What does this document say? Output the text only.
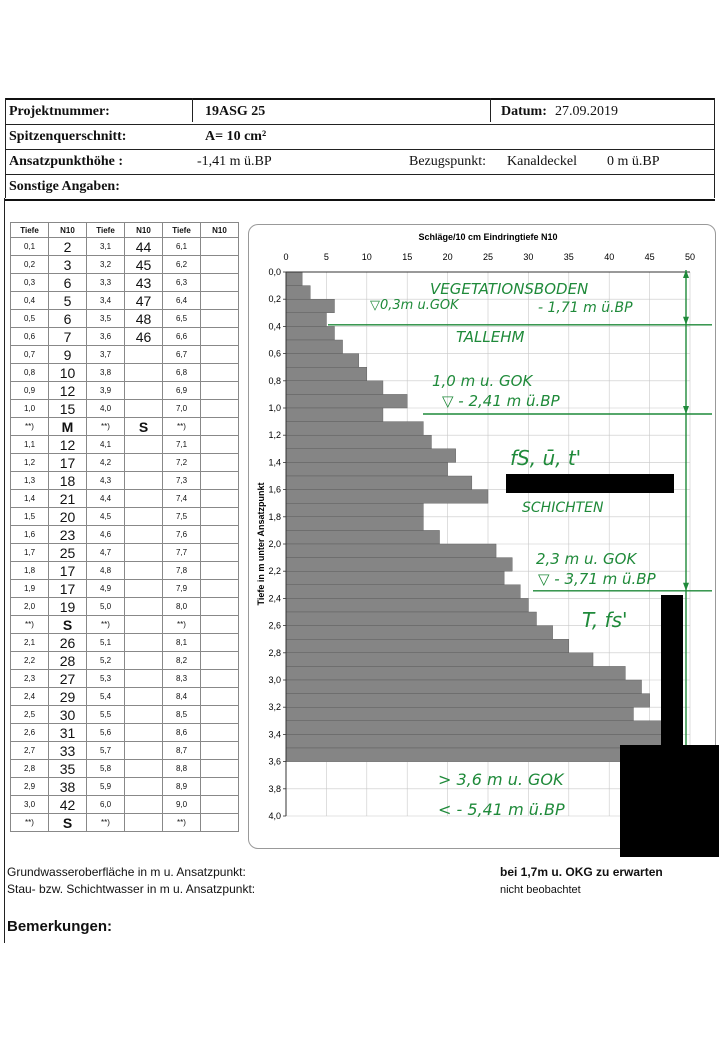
Projektnummer:	19ASG 25	Datum: 27.09.2019
Spitzenquerschnitt:	A= 10 cm²
Ansatzpunkthöhe :	-1,41 m ü.BP	Bezugspunkt: Kanaldeckel 0 m ü.BP
Sonstige Angaben:
Tiefe	N10	Tiefe	N10	Tiefe	N10
0,1	2	3,1	44	6,1	
0,2	3	3,2	45	6,2	
0,3	6	3,3	43	6,3	
0,4	5	3,4	47	6,4	
0,5	6	3,5	48	6,5	
0,6	7	3,6	46	6,6	
0,7	9	3,7		6,7	
0,8	10	3,8		6,8	
0,9	12	3,9		6,9	
1,0	15	4,0		7,0	
**)	M	**)	S	**)	
1,1	12	4,1		7,1	
1,2	17	4,2		7,2	
1,3	18	4,3		7,3	
1,4	21	4,4		7,4	
1,5	20	4,5		7,5	
1,6	23	4,6		7,6	
1,7	25	4,7		7,7	
1,8	17	4,8		7,8	
1,9	17	4,9		7,9	
2,0	19	5,0		8,0	
**)	S	**)		**)	
2,1	26	5,1		8,1	
2,2	28	5,2		8,2	
2,3	27	5,3		8,3	
2,4	29	5,4		8,4	
2,5	30	5,5		8,5	
2,6	31	5,6		8,6	
2,7	33	5,7		8,7	
2,8	35	5,8		8,8	
2,9	38	5,9		8,9	
3,0	42	6,0		9,0	
**)	S	**)		**)	
Schläge/10 cm Eindringtiefe N10
0	5	10	15	20	25	30	35	40	45	50
0,0
0,2
0,4
0,6
0,8
1,0
1,2
1,4
1,6
1,8
2,0
2,2
2,4
2,6
2,8
3,0
3,2
3,4
3,6
3,8
4,0
Tiefe in m unter Ansatzpunkt
VEGETATIONSBODEN
▽0,3m u.GOK	- 1,71 m ü.BP
TALLEHM
1,0 m u. GOK
▽ - 2,41 m ü.BP
fS, ū, t'
SCHICHTEN
2,3 m u. GOK
▽ - 3,71 m ü.BP
T, fs'
> 3,6 m u. GOK
< - 5,41 m ü.BP
Grundwasseroberfläche in m u. Ansatzpunkt:	bei 1,7m u. OKG zu erwarten
Stau- bzw. Schichtwasser in m u. Ansatzpunkt:	nicht beobachtet
Bemerkungen:
